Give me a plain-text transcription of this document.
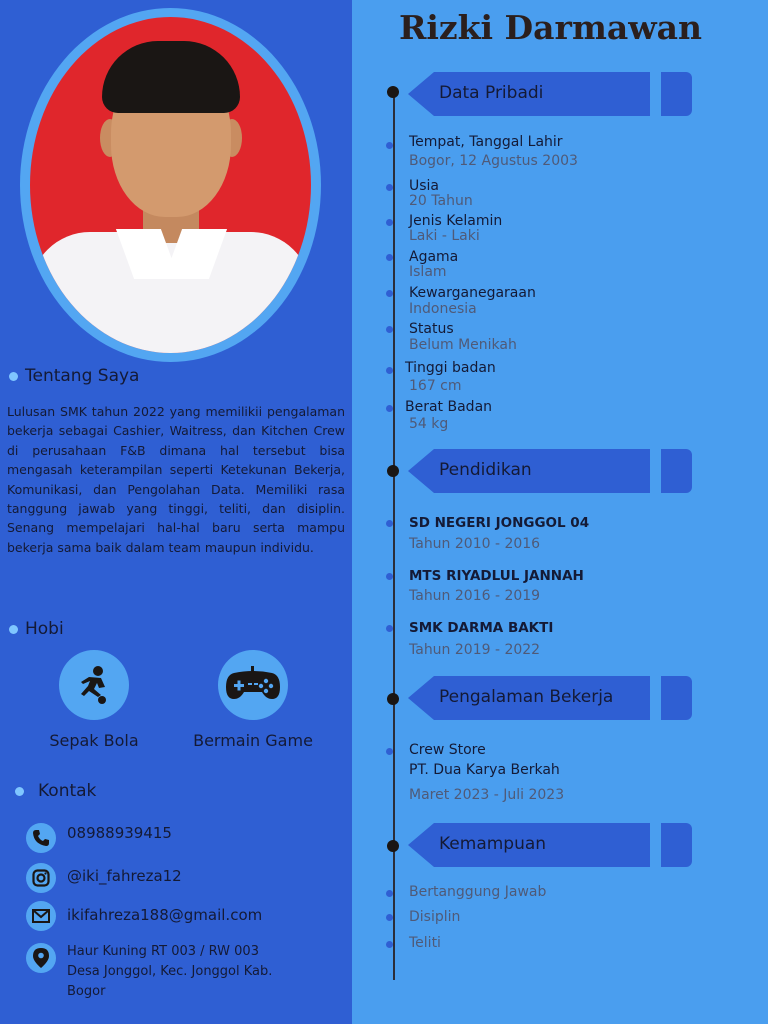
Tentang Saya

Lulusan SMK tahun 2022 yang memilikii pengalaman bekerja sebagai Cashier, Waitress, dan Kitchen Crew di perusahaan F&B dimana hal tersebut bisa mengasah keterampilan seperti Ketekunan Bekerja, Komunikasi, dan Pengolahan Data. Memiliki rasa tanggung jawab yang tinggi, teliti, dan disiplin. Senang mempelajari hal-hal baru serta mampu bekerja sama baik dalam team maupun individu.

Hobi
Sepak Bola	Bermain Game
Kontak
08988939415
@iki_fahreza12
ikifahreza188@gmail.com
Haur Kuning RT 003 / RW 003
Desa Jonggol, Kec. Jonggol Kab.
Bogor
Rizki Darmawan
Data Pribadi
Tempat, Tanggal Lahir
Bogor, 12 Agustus 2003
Usia
20 Tahun
Jenis Kelamin
Laki - Laki
Agama
Islam
Kewarganegaraan
Indonesia
Status
Belum Menikah
Tinggi badan
167 cm
Berat Badan
54 kg
Pendidikan
SD NEGERI JONGGOL 04
Tahun 2010 - 2016
MTS RIYADLUL JANNAH
Tahun 2016 - 2019
SMK DARMA BAKTI
Tahun 2019 - 2022
Pengalaman Bekerja
Crew Store
PT. Dua Karya Berkah
Maret 2023 - Juli 2023
Kemampuan
Bertanggung Jawab
Disiplin
Teliti
